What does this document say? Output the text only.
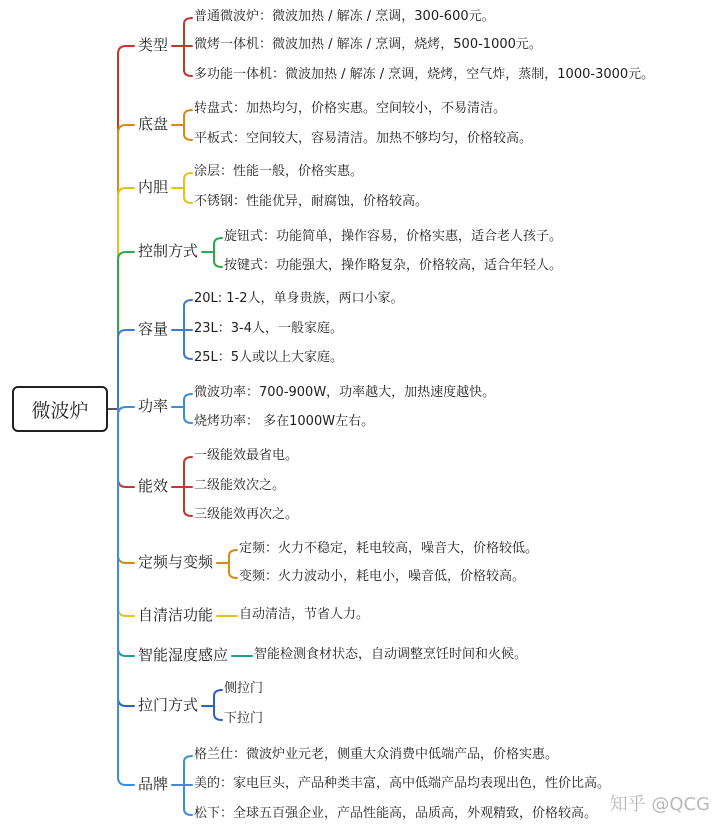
微波炉
类型
普通微波炉：微波加热 / 解冻 / 烹调，300-600元。
微烤一体机：微波加热 / 解冻 / 烹调，烧烤，500-1000元。
多功能一体机：微波加热 / 解冻 / 烹调，烧烤，空气炸，蒸制，1000-3000元。
底盘
转盘式：加热均匀，价格实惠。空间较小，不易清洁。
平板式：空间较大，容易清洁。加热不够均匀，价格较高。
内胆
涂层：性能一般，价格实惠。
不锈钢：性能优异，耐腐蚀，价格较高。
控制方式
旋钮式：功能简单，操作容易，价格实惠，适合老人孩子。
按键式：功能强大，操作略复杂，价格较高，适合年轻人。
容量
20L: 1-2人，单身贵族，两口小家。
23L：3-4人，一般家庭。
25L：5人或以上大家庭。
功率
微波功率：700-900W，功率越大，加热速度越快。
烧烤功率： 多在1000W左右。
能效
一级能效最省电。
二级能效次之。
三级能效再次之。
定频与变频
定频：火力不稳定，耗电较高，噪音大，价格较低。
变频：火力波动小，耗电小，噪音低，价格较高。
自清洁功能 自动清洁，节省人力。
智能湿度感应 智能检测食材状态，自动调整烹饪时间和火候。
拉门方式
侧拉门
下拉门
品牌
格兰仕：微波炉业元老，侧重大众消费中低端产品，价格实惠。
美的：家电巨头，产品种类丰富，高中低端产品均表现出色，性价比高。
松下：全球五百强企业，产品性能高，品质高，外观精致，价格较高。 知乎 @QCG
